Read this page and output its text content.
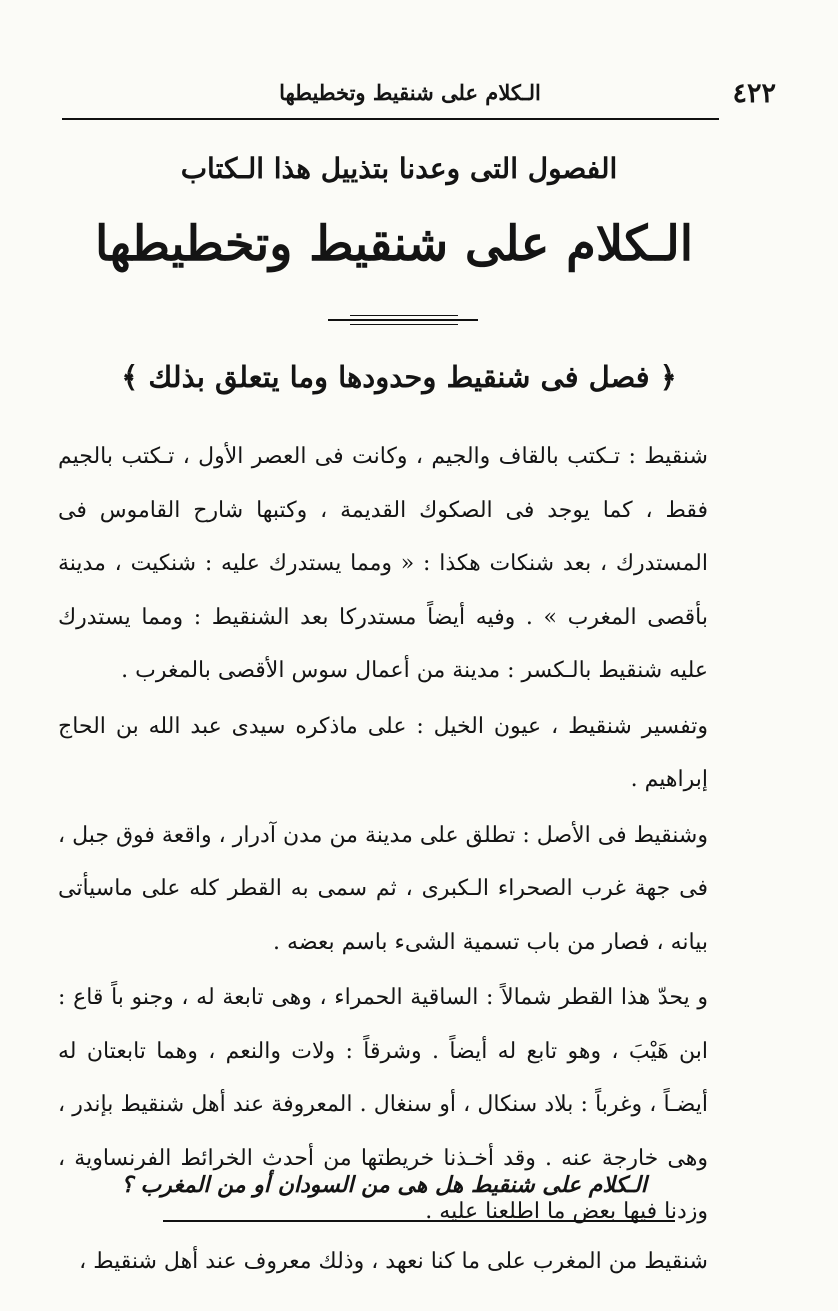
٤٢٢
الـكلام على شنقيط وتخطيطها
الفصول التى وعدنا بتذييل هذا الـكتاب
الـكلام على شنقيط وتخطيطها
﴿ فصل فى شنقيط وحدودها وما يتعلق بذلك ﴾

شنقيط : تـكتب بالقاف والجيم ، وكانت فى العصر الأول ، تـكتب بالجيم فقط ، كما يوجد فى الصكوك القديمة ، وكتبها شارح القاموس فى المستدرك ، بعد شنكات هكذا : « ومما يستدرك عليه : شنكيت ، مدينة بأقصى المغرب » . وفيه أيضاً مستدركا بعد الشنقيط : ومما يستدرك عليه شنقيط بالـكسر : مدينة من أعمال سوس الأقصى بالمغرب .

وتفسير شنقيط ، عيون الخيل : على ماذكره سيدى عبد الله بن الحاج إبراهيم .

وشنقيط فى الأصل : تطلق على مدينة من مدن آدرار ، واقعة فوق جبل ، فى جهة غرب الصحراء الـكبرى ، ثم سمى به القطر كله على ماسيأتى بيانه ، فصار من باب تسمية الشىء باسم بعضه .

و يحدّ هذا القطر شمالاً : الساقية الحمراء ، وهى تابعة له ، وجنو باً قاع : ابن هَيْبَ ، وهو تابع له أيضاً . وشرقاً : ولات والنعم ، وهما تابعتان له أيضـاً ، وغرباً : بلاد سنكال ، أو سنغال . المعروفة عند أهل شنقيط بإندر ، وهى خارجة عنه . وقد أخـذنا خريطتها من أحدث الخرائط الفرنساوية ، وزدنا فيها بعض ما اطلعنا عليه .

الـكلام على شنقيط هل هى من السودان أو من المغرب ؟
شنقيط من المغرب على ما كنا نعهد ، وذلك معروف عند أهل شنقيط ،
